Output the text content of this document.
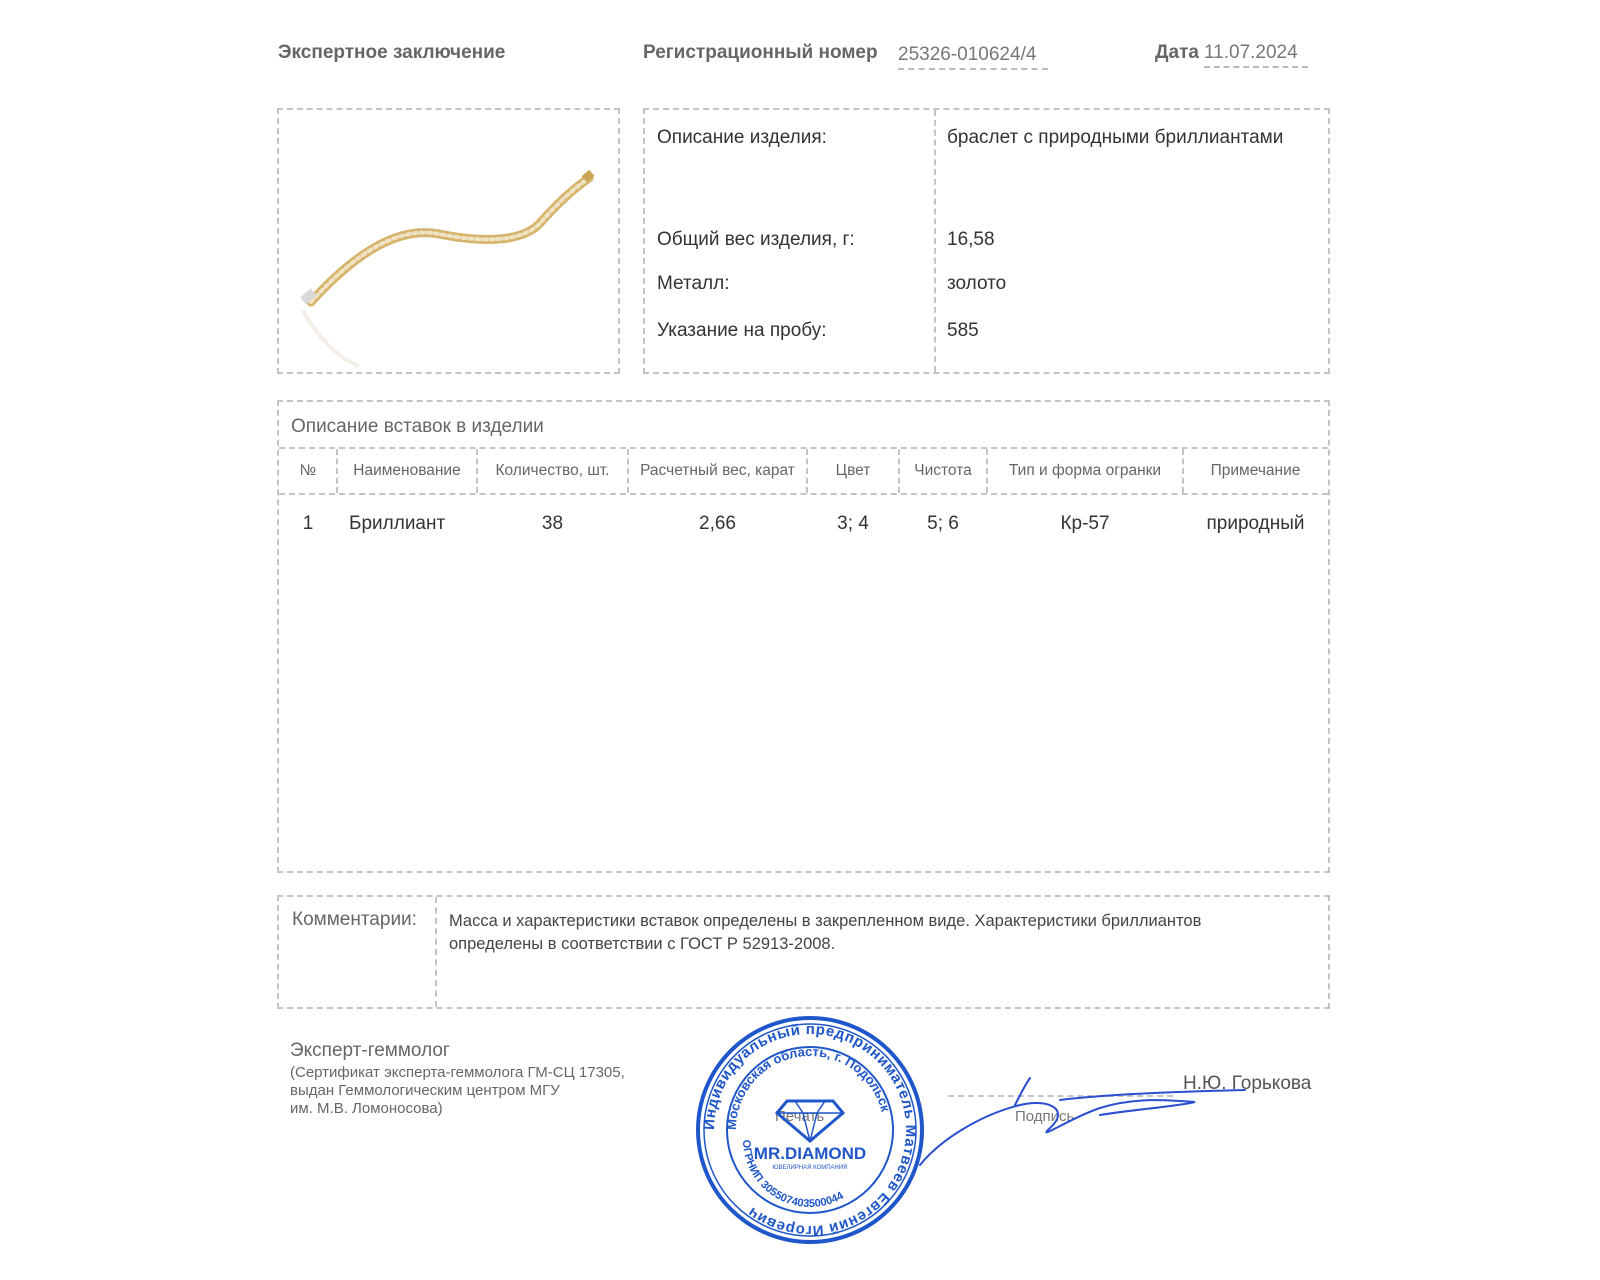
Экспертное заключение	Регистрационный номер 25326-010624/4	Дата 11.07.2024
Описание изделия:	браслет с природными бриллиантами
Общий вес изделия, г:	16,58
Металл:	золото
Указание на пробу:	585
Описание вставок в изделии
№	Наименование	Количество, шт.	Расчетный вес, карат	Цвет	Чистота	Тип и форма огранки	Примечание
1	Бриллиант	38	2,66	3; 4	5; 6	Кр-57	природный
Комментарии: Масса и характеристики вставок определены в закрепленном виде. Характеристики бриллиантов
определены в соответствии с ГОСТ Р 52913-2008.
Эксперт-геммолог
(Сертификат эксперта-геммолога ГМ-СЦ 17305,
выдан Геммологическим центром МГУ
им. М.В. Ломоносова)	Печать	Подпись
Н.Ю. Горькова
Индивидуальный предприниматель Матвеев Евгений Игоревич
Московская область, г. Подольск
MR.DIAMOND
ЮВЕЛИРНАЯ КОМПАНИЯ
ОГРНИП 305507403500044
